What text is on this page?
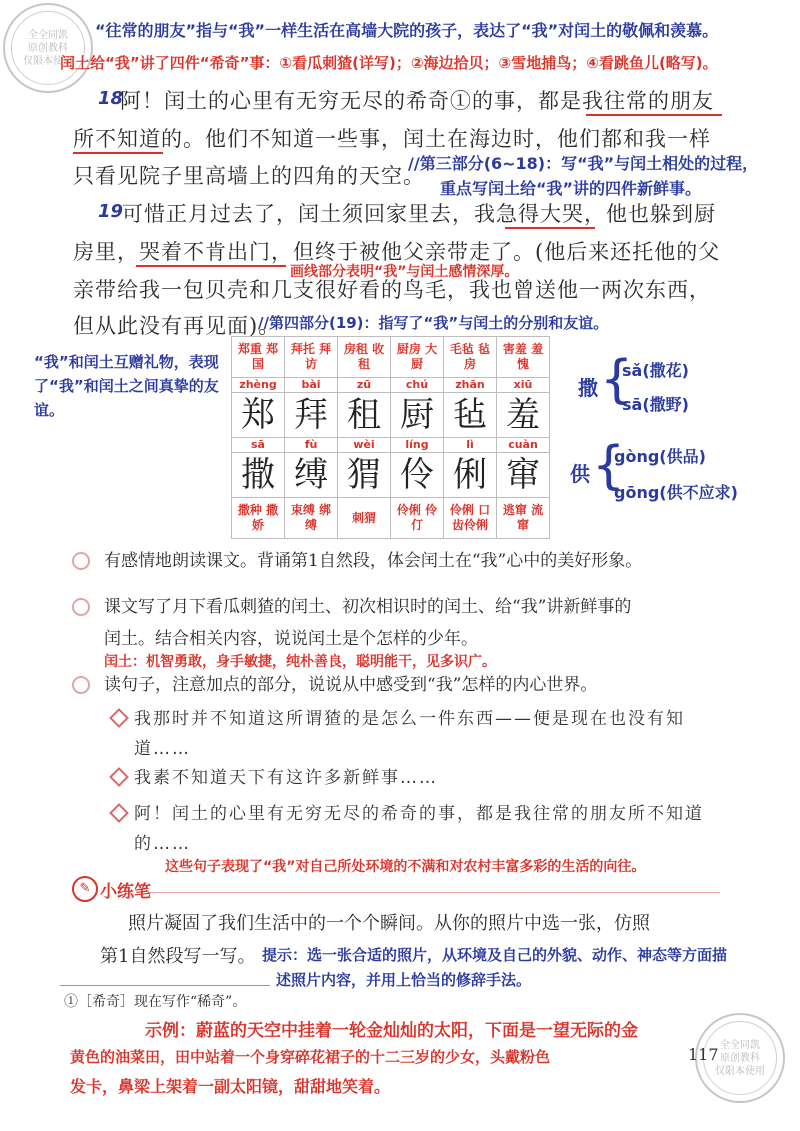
全全同凯
原创教科
仅限本使用
全全同凯
原创教科
仅限本使用
“往常的朋友”指与“我”一样生活在高墙大院的孩子，表达了“我”对闰土的敬佩和羡慕。
闰土给“我”讲了四件“希奇”事：①看瓜刺猹(详写)；②海边拾贝；③雪地捕鸟；④看跳鱼儿(略写)。
18
阿！闰土的心里有无穷无尽的希奇①的事，都是我往常的朋友
所不知道的。他们不知道一些事，闰土在海边时，他们都和我一样
只看见院子里高墙上的四角的天空。
//第三部分(6~18)：写“我”与闰土相处的过程，
重点写闰土给“我”讲的四件新鲜事。
19
可惜正月过去了，闰土须回家里去，我急得大哭，他也躲到厨
房里，哭着不肯出门，但终于被他父亲带走了。(他后来还托他的父
画线部分表明“我”与闰土感情深厚。
亲带给我一包贝壳和几支很好看的鸟毛，我也曾送他一两次东西，
但从此没有再见面)。
//第四部分(19)：指写了“我”与闰土的分别和友谊。
“我”和闰土互赠礼物，表现了“我”和闰土之间真挚的友谊。
郑重 郑国	拜托 拜访	房租 收租	厨房 大厨	毛毡 毡房	害羞 羞愧
zhèng	bài	zū	chú	zhān	xiū
郑	拜	租	厨	毡	羞
sā	fù	wèi	líng	lì	cuàn
撒	缚	猬	伶	俐	窜
撒种 撒娇	束缚 绑缚	刺猬	伶俐 伶仃	伶俐 口齿伶俐	逃窜 流窜
撒 {
sǎ(撒花)
sā(撒野)
供 {
gòng(供品)
gōng(供不应求)
有感情地朗读课文。背诵第1自然段，体会闰土在“我”心中的美好形象。
课文写了月下看瓜刺猹的闰土、初次相识时的闰土、给“我”讲新鲜事的
闰土。结合相关内容，说说闰土是个怎样的少年。
闰土：机智勇敢，身手敏捷，纯朴善良，聪明能干，见多识广。
读句子，注意加点的部分，说说从中感受到“我”怎样的内心世界。
我那时并不知道这所谓猹的是怎么一件东西——便是现在也没有知
道……
我素不知道天下有这许多新鲜事……
阿！闰土的心里有无穷无尽的希奇的事，都是我往常的朋友所不知道
的……
这些句子表现了“我”对自己所处环境的不满和对农村丰富多彩的生活的向往。
✎ 小练笔
照片凝固了我们生活中的一个个瞬间。从你的照片中选一张，仿照
第1自然段写一写。 提示：选一张合适的照片，从环境及自己的外貌、动作、神态等方面描
述照片内容，并用上恰当的修辞手法。
①［希奇］现在写作“稀奇”。
示例：蔚蓝的天空中挂着一轮金灿灿的太阳，下面是一望无际的金
黄色的油菜田，田中站着一个身穿碎花裙子的十二三岁的少女，头戴粉色
发卡，鼻梁上架着一副太阳镜，甜甜地笑着。
117
